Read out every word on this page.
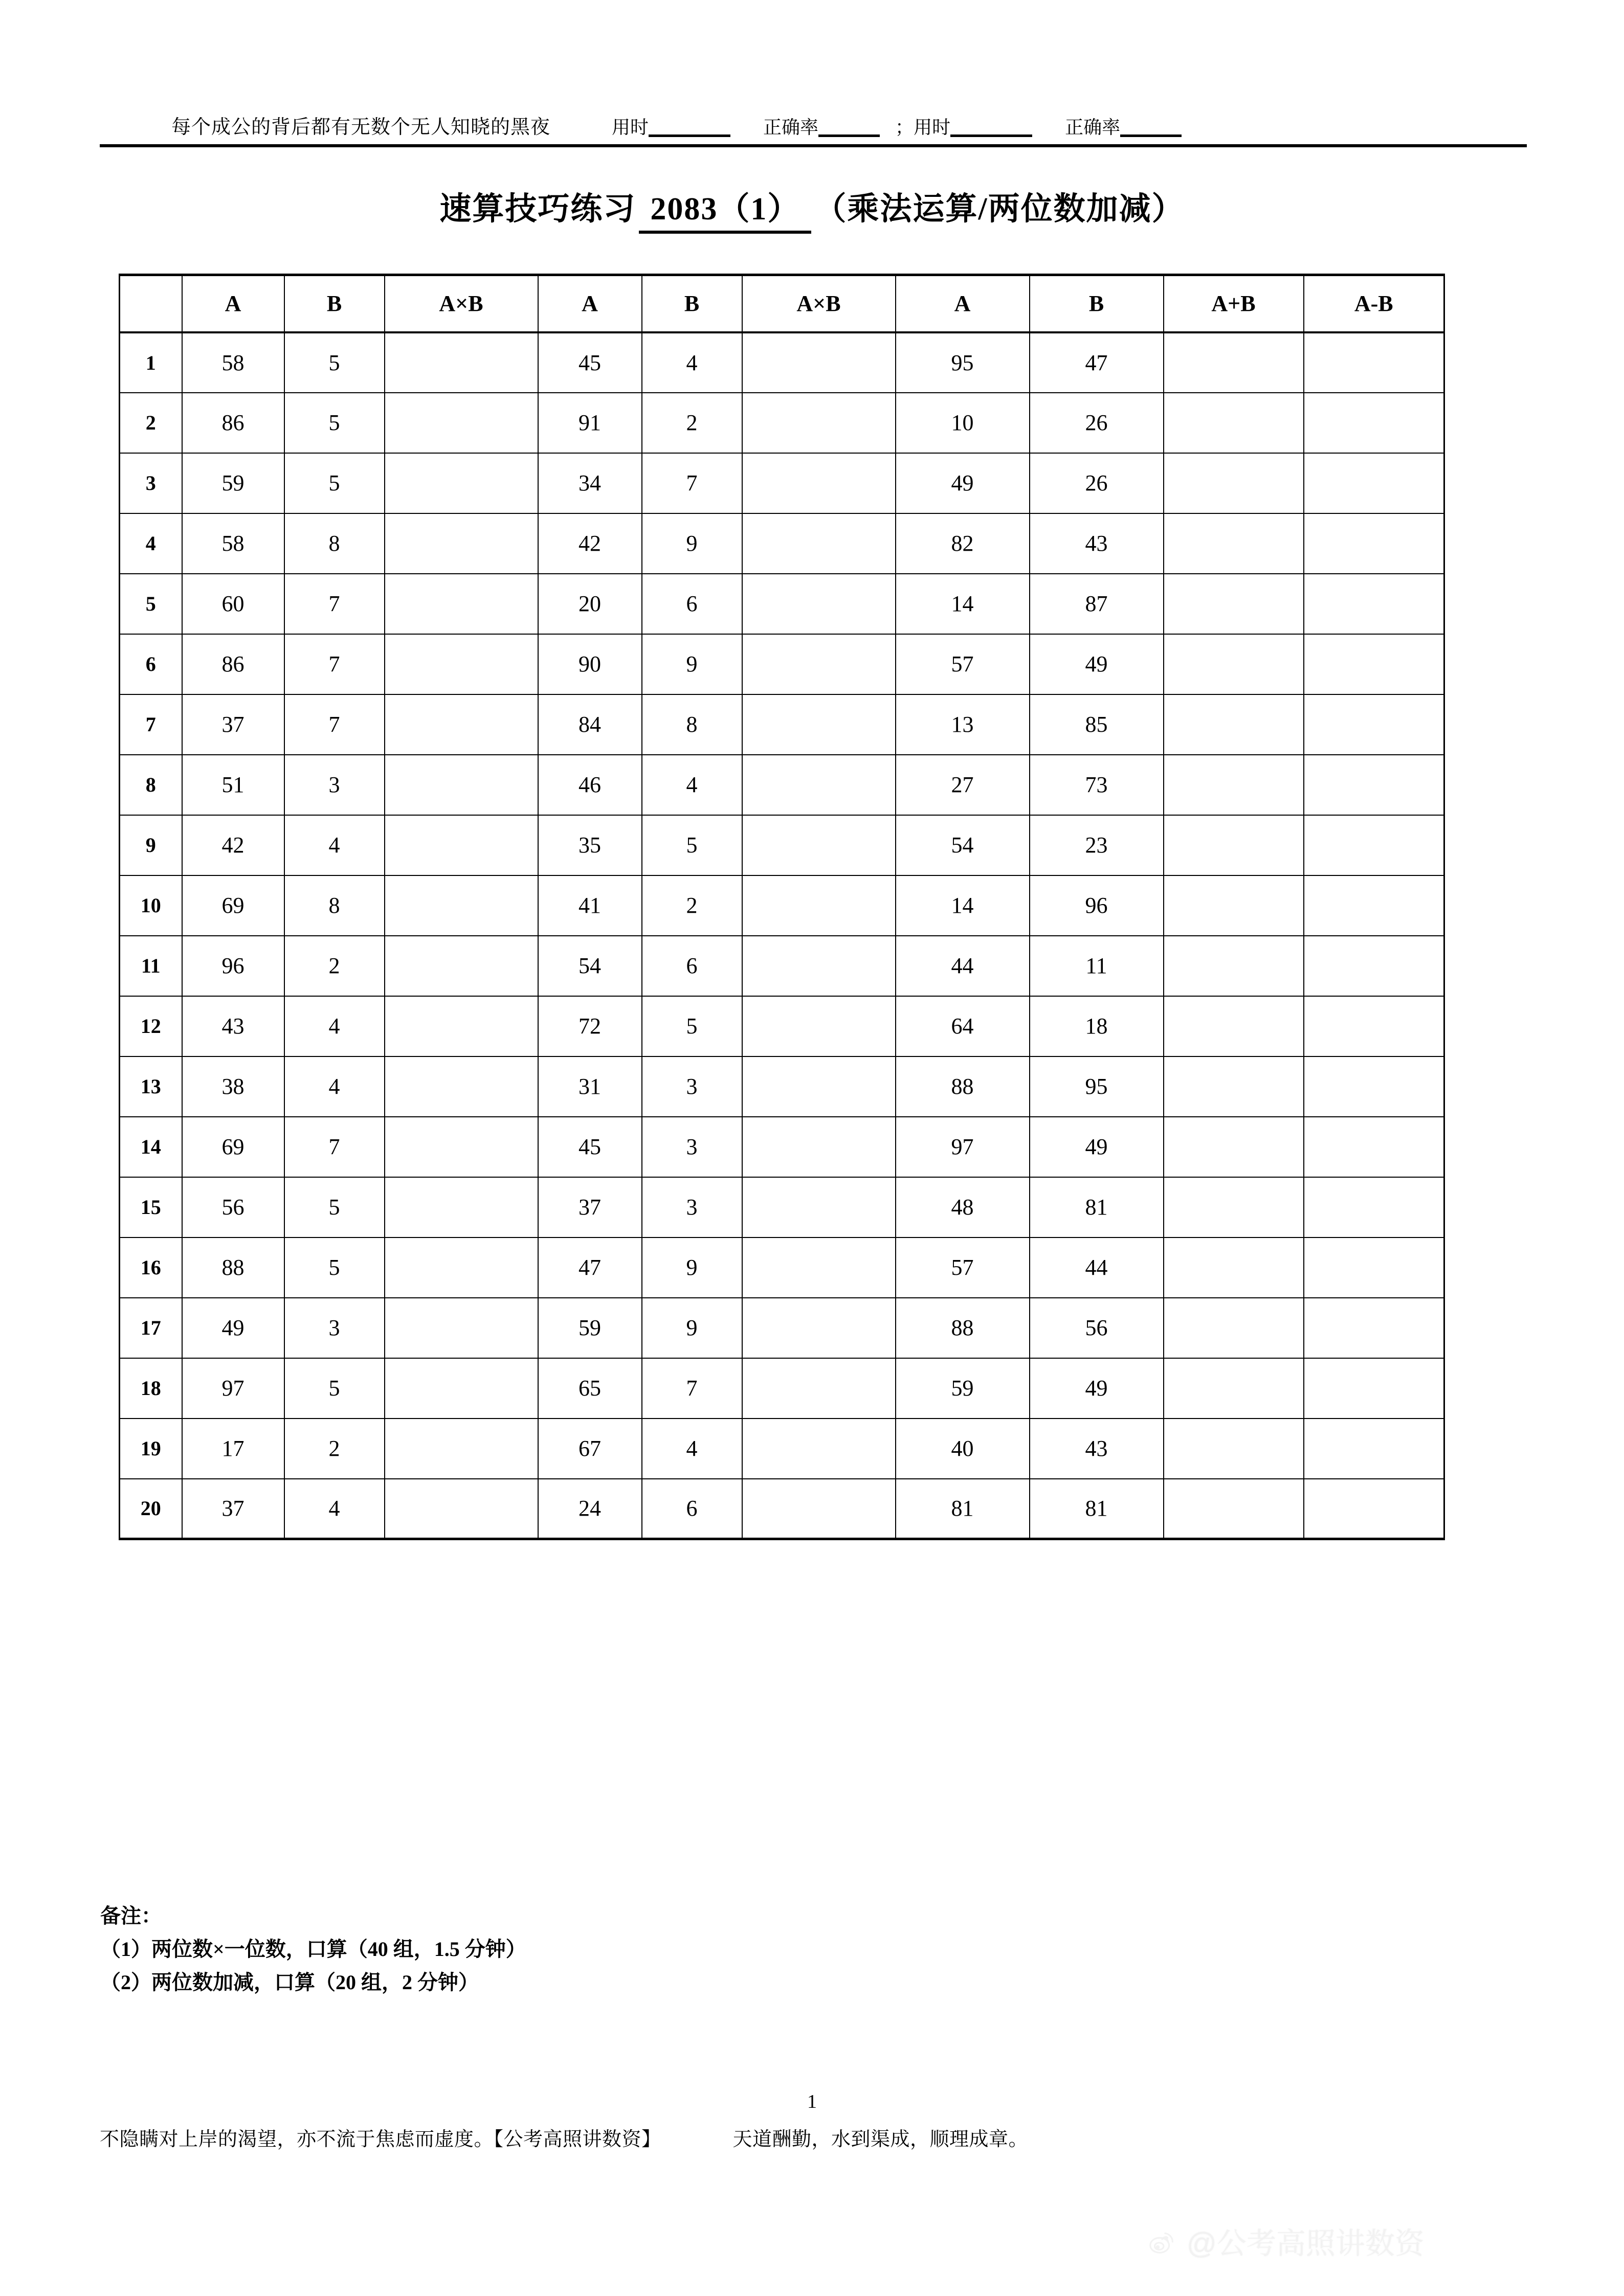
每个成公的背后都有无数个无人知晓的黑夜	用时	正确率	； 用时	正确率
速算技巧练习 2083（1） （乘法运算/两位数加减）
	A	B	A×B	A	B	A×B	A	B	A+B	A-B
1	58	5		45	4		95	47		
2	86	5		91	2		10	26		
3	59	5		34	7		49	26		
4	58	8		42	9		82	43		
5	60	7		20	6		14	87		
6	86	7		90	9		57	49		
7	37	7		84	8		13	85		
8	51	3		46	4		27	73		
9	42	4		35	5		54	23		
10	69	8		41	2		14	96		
11	96	2		54	6		44	11		
12	43	4		72	5		64	18		
13	38	4		31	3		88	95		
14	69	7		45	3		97	49		
15	56	5		37	3		48	81		
16	88	5		47	9		57	44		
17	49	3		59	9		88	56		
18	97	5		65	7		59	49		
19	17	2		67	4		40	43		
20	37	4		24	6		81	81		
备注：
（1）两位数×一位数，口算（40 组，1.5 分钟）
（2）两位数加减，口算（20 组，2 分钟）
1
不隐瞒对上岸的渴望，亦不流于焦虑而虚度。【公考高照讲数资】	天道酬勤，水到渠成，顺理成章。
@公考高照讲数资
